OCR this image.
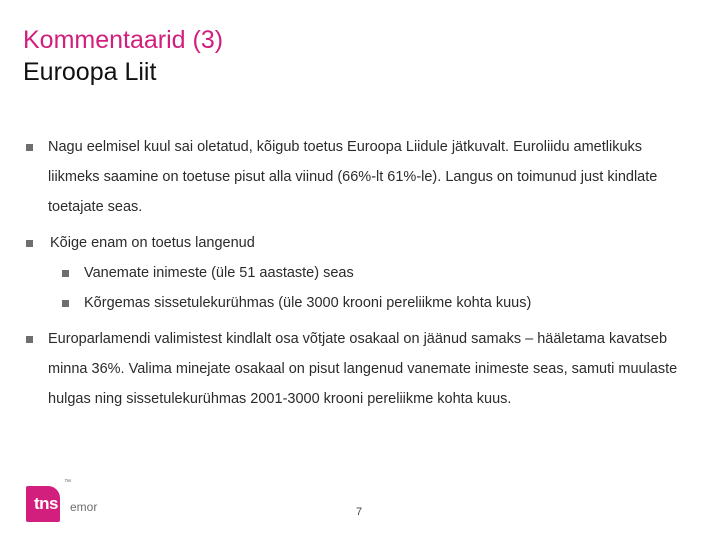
Kommentaarid (3)
Euroopa Liit
Nagu eelmisel kuul sai oletatud, kõigub toetus Euroopa Liidule jätkuvalt. Euroliidu ametlikuks liikmeks saamine on toetuse pisut alla viinud (66%-lt 61%-le). Langus on toimunud just kindlate toetajate seas.
Kõige enam on toetus langenud
Vanemate inimeste (üle 51 aastaste) seas
Kõrgemas sissetulekurühmas (üle 3000 krooni pereliikme kohta kuus)
Europarlamendi valimistest kindlalt osa võtjate osakaal on jäänud samaks – hääletama kavatseb minna 36%. Valima minejate osakaal on pisut langenud vanemate inimeste seas, samuti muulaste hulgas ning sissetulekurühmas 2001-3000 krooni pereliikme kohta kuus.
tns
™
emor	7
